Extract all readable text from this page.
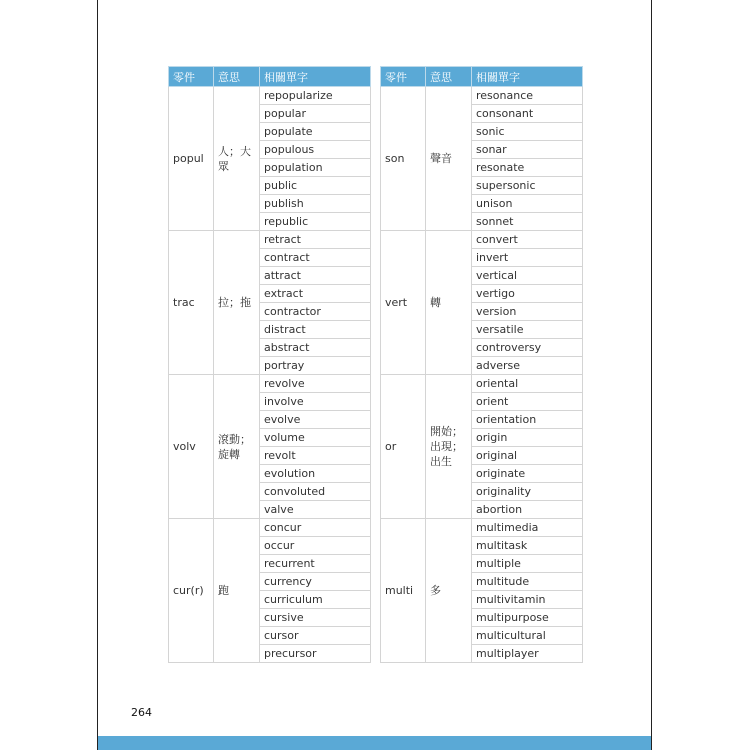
零件	意思	相關單字
popul	人；大眾	repopularize
		popular
		populate
		populous
		population
		public
		publish
		republic
trac	拉；拖	retract
		contract
		attract
		extract
		contractor
		distract
		abstract
		portray
volv	滾動；旋轉	revolve
		involve
		evolve
		volume
		revolt
		evolution
		convoluted
		valve
cur(r)	跑	concur
		occur
		recurrent
		currency
		curriculum
		cursive
		cursor
		precursor
零件	意思	相關單字
son	聲音	resonance
		consonant
		sonic
		sonar
		resonate
		supersonic
		unison
		sonnet
vert	轉	convert
		invert
		vertical
		vertigo
		version
		versatile
		controversy
		adverse
or	開始；出現；出生	oriental
		orient
		orientation
		origin
		original
		originate
		originality
		abortion
multi	多	multimedia
		multitask
		multiple
		multitude
		multivitamin
		multipurpose
		multicultural
		multiplayer
264
